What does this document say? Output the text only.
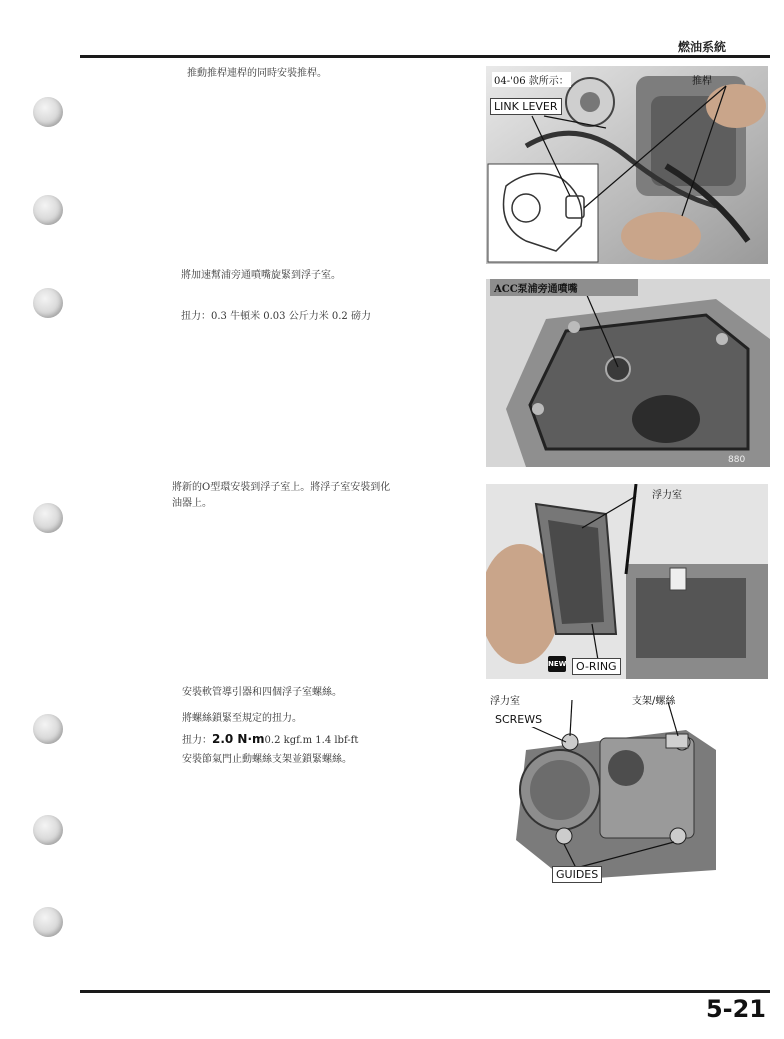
燃油系統
5-21
推動推桿連桿的同時安裝推桿。
將加速幫浦旁通噴嘴旋緊到浮子室。
扭力：0.3 牛頓米 0.03 公斤力米 0.2 磅力
將新的O型環安裝到浮子室上。將浮子室安裝到化
油器上。
安裝軟管導引器和四個浮子室螺絲。
將螺絲鎖緊至規定的扭力。
扭力：2.0 N·m0.2 kgf.m 1.4 lbf-ft
安裝節氣門止動螺絲支架並鎖緊螺絲。
04-'06 款所示：	推桿
LINK LEVER
ACC泵浦旁通噴嘴
880
浮力室
NEW O-RING
浮力室	支架/螺絲
SCREWS
GUIDES
